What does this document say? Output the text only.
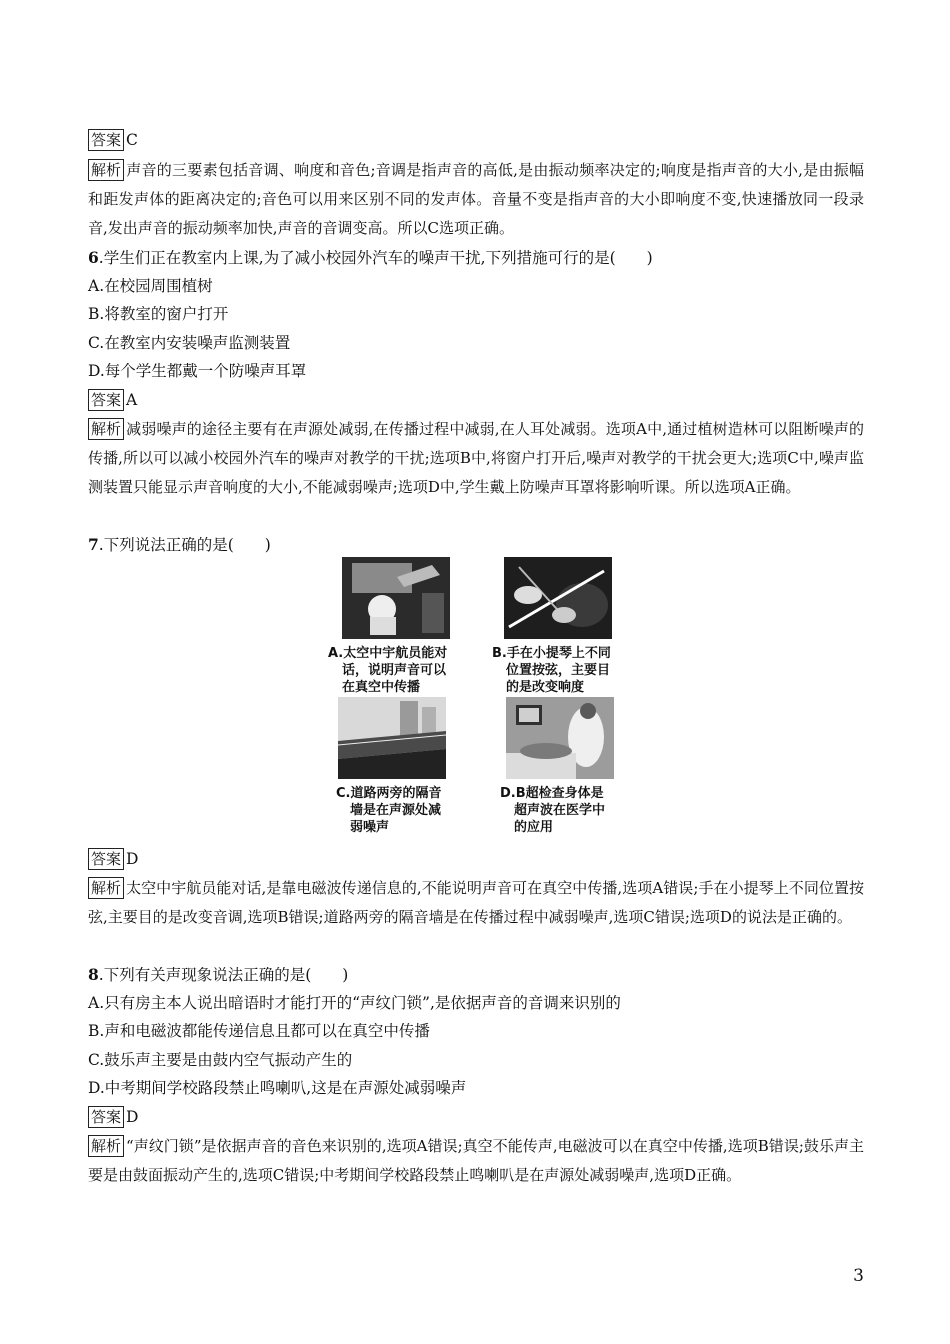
答案 C
解析 声音的三要素包括音调、响度和音色;音调是指声音的高低,是由振动频率决定的;响度是指声音的大小,是由振幅和距发声体的距离决定的;音色可以用来区别不同的发声体。音量不变是指声音的大小即响度不变,快速播放同一段录音,发出声音的振动频率加快,声音的音调变高。所以C选项正确。
6.学生们正在教室内上课,为了减小校园外汽车的噪声干扰,下列措施可行的是(　　)
A.在校园周围植树
B.将教室的窗户打开
C.在教室内安装噪声监测装置
D.每个学生都戴一个防噪声耳罩
答案 A
解析 减弱噪声的途径主要有在声源处减弱,在传播过程中减弱,在人耳处减弱。选项A中,通过植树造林可以阻断噪声的传播,所以可以减小校园外汽车的噪声对教学的干扰;选项B中,将窗户打开后,噪声对教学的干扰会更大;选项C中,噪声监测装置只能显示声音响度的大小,不能减弱噪声;选项D中,学生戴上防噪声耳罩将影响听课。所以选项A正确。
7.下列说法正确的是(　　)
A.太空中宇航员能对
话，说明声音可以
在真空中传播
B.手在小提琴上不同
位置按弦，主要目
的是改变响度
C.道路两旁的隔音
墙是在声源处减
弱噪声
D.B超检查身体是
超声波在医学中
的应用
答案 D
解析 太空中宇航员能对话,是靠电磁波传递信息的,不能说明声音可在真空中传播,选项A错误;手在小提琴上不同位置按弦,主要目的是改变音调,选项B错误;道路两旁的隔音墙是在传播过程中减弱噪声,选项C错误;选项D的说法是正确的。
8.下列有关声现象说法正确的是(　　)
A.只有房主本人说出暗语时才能打开的“声纹门锁”,是依据声音的音调来识别的
B.声和电磁波都能传递信息且都可以在真空中传播
C.鼓乐声主要是由鼓内空气振动产生的
D.中考期间学校路段禁止鸣喇叭,这是在声源处减弱噪声
答案 D
解析 “声纹门锁”是依据声音的音色来识别的,选项A错误;真空不能传声,电磁波可以在真空中传播,选项B错误;鼓乐声主要是由鼓面振动产生的,选项C错误;中考期间学校路段禁止鸣喇叭是在声源处减弱噪声,选项D正确。
3
